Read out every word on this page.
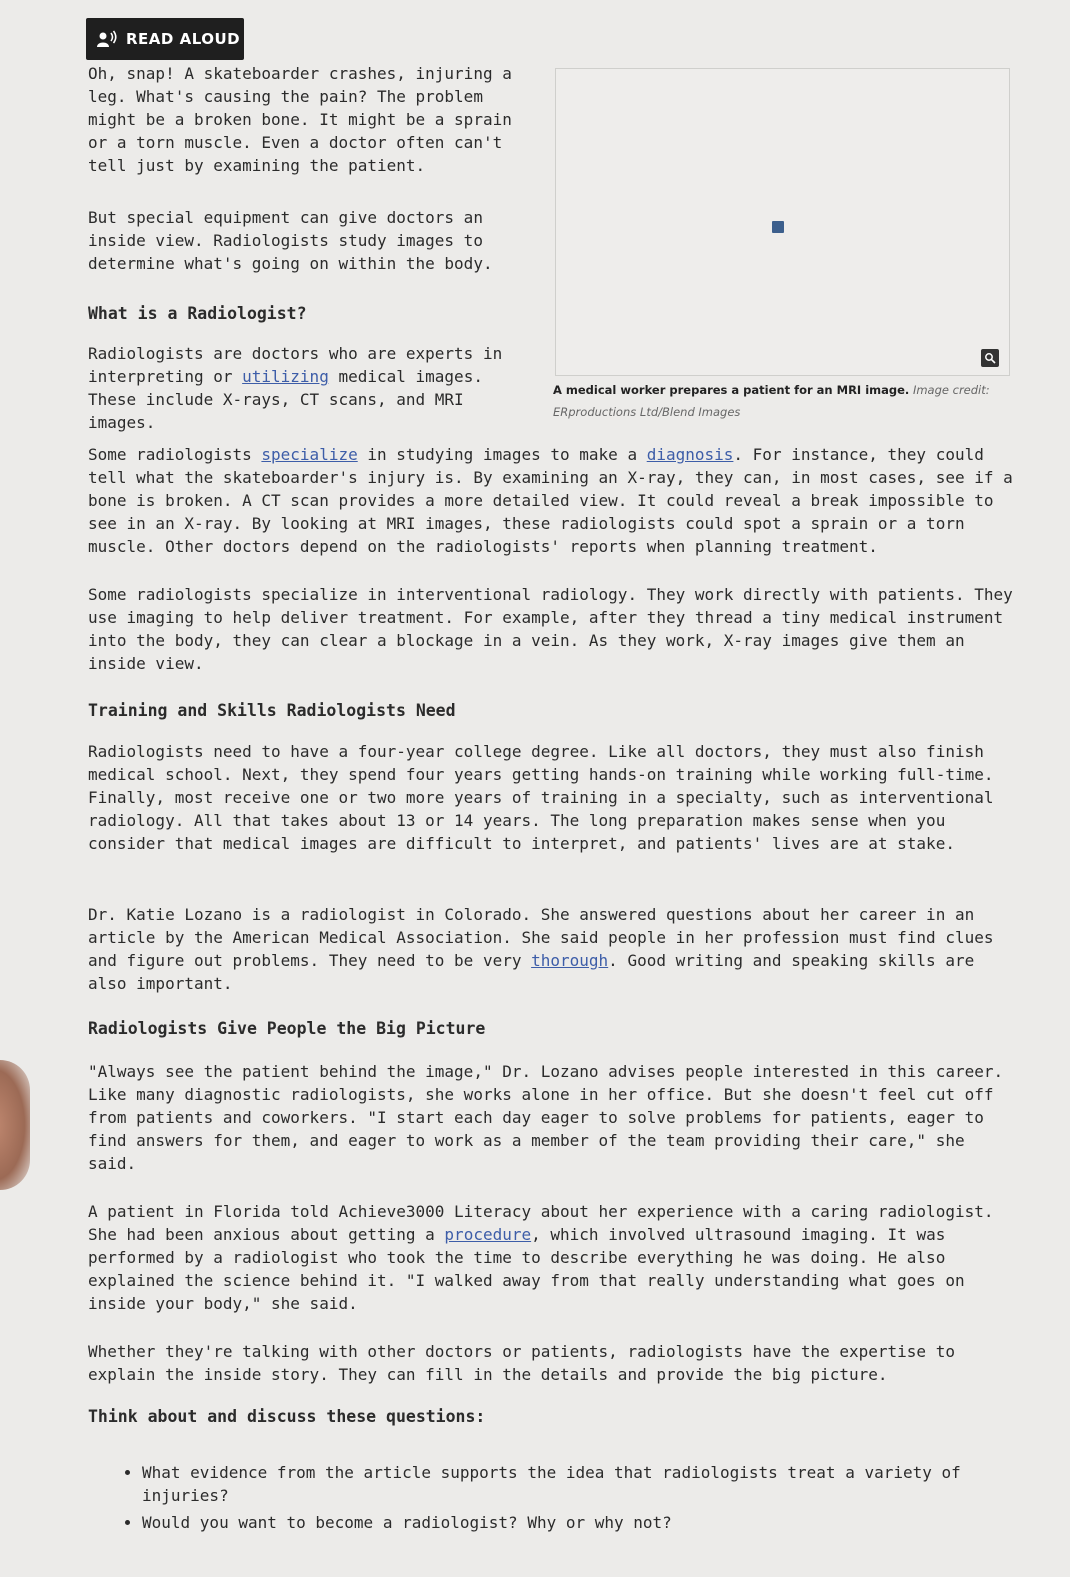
READ ALOUD

Oh, snap! A skateboarder crashes, injuring a leg. What's causing the pain? The problem might be a broken bone. It might be a sprain or a torn muscle. Even a doctor often can't tell just by examining the patient.

But special equipment can give doctors an inside view. Radiologists study images to determine what's going on within the body.

What is a Radiologist?

Radiologists are doctors who are experts in interpreting or utilizing medical images. These include X-rays, CT scans, and MRI images.

A medical worker prepares a patient for an MRI image. Image credit: ERproductions Ltd/Blend Images

Some radiologists specialize in studying images to make a diagnosis. For instance, they could tell what the skateboarder's injury is. By examining an X-ray, they can, in most cases, see if a bone is broken. A CT scan provides a more detailed view. It could reveal a break impossible to see in an X-ray. By looking at MRI images, these radiologists could spot a sprain or a torn muscle. Other doctors depend on the radiologists' reports when planning treatment.

Some radiologists specialize in interventional radiology. They work directly with patients. They use imaging to help deliver treatment. For example, after they thread a tiny medical instrument into the body, they can clear a blockage in a vein. As they work, X-ray images give them an inside view.

Training and Skills Radiologists Need

Radiologists need to have a four-year college degree. Like all doctors, they must also finish medical school. Next, they spend four years getting hands-on training while working full-time. Finally, most receive one or two more years of training in a specialty, such as interventional radiology. All that takes about 13 or 14 years. The long preparation makes sense when you consider that medical images are difficult to interpret, and patients' lives are at stake.

Dr. Katie Lozano is a radiologist in Colorado. She answered questions about her career in an article by the American Medical Association. She said people in her profession must find clues and figure out problems. They need to be very thorough. Good writing and speaking skills are also important.

Radiologists Give People the Big Picture

"Always see the patient behind the image," Dr. Lozano advises people interested in this career. Like many diagnostic radiologists, she works alone in her office. But she doesn't feel cut off from patients and coworkers. "I start each day eager to solve problems for patients, eager to find answers for them, and eager to work as a member of the team providing their care," she said.

A patient in Florida told Achieve3000 Literacy about her experience with a caring radiologist. She had been anxious about getting a procedure, which involved ultrasound imaging. It was performed by a radiologist who took the time to describe everything he was doing. He also explained the science behind it. "I walked away from that really understanding what goes on inside your body," she said.

Whether they're talking with other doctors or patients, radiologists have the expertise to explain the inside story. They can fill in the details and provide the big picture.

Think about and discuss these questions:
• What evidence from the article supports the idea that radiologists treat a variety of injuries?
• Would you want to become a radiologist? Why or why not?
